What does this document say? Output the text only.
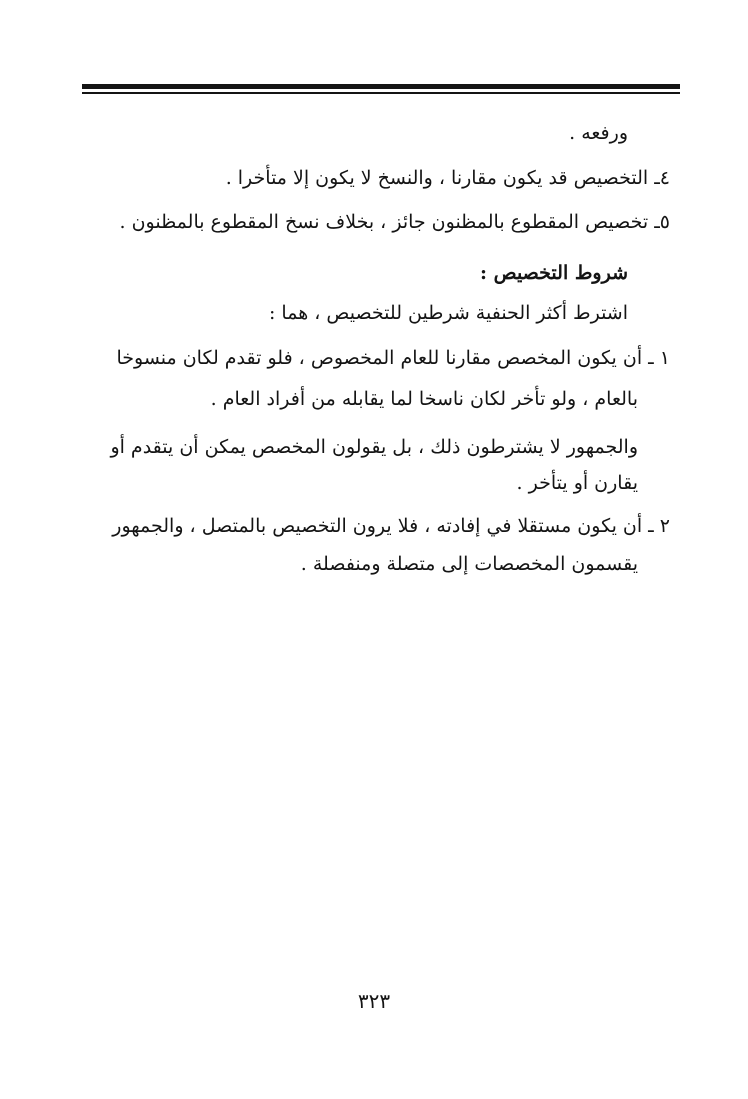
ورفعه .
٤ـ التخصيص قد يكون مقارنا ، والنسخ لا يكون إلا متأخرا .
٥ـ تخصيص المقطوع بالمظنون جائز ، بخلاف نسخ المقطوع بالمظنون .
شروط التخصيص :
اشترط أكثر الحنفية شرطين للتخصيص ، هما :
١ ـ أن يكون المخصص مقارنا للعام المخصوص ، فلو تقدم لكان منسوخا
بالعام ، ولو تأخر لكان ناسخا لما يقابله من أفراد العام .
والجمهور لا يشترطون ذلك ، بل يقولون المخصص يمكن أن يتقدم أو
يقارن أو يتأخر .
٢ ـ أن يكون مستقلا في إفادته ، فلا يرون التخصيص بالمتصل ، والجمهور
يقسمون المخصصات إلى متصلة ومنفصلة .
٣٢٣
